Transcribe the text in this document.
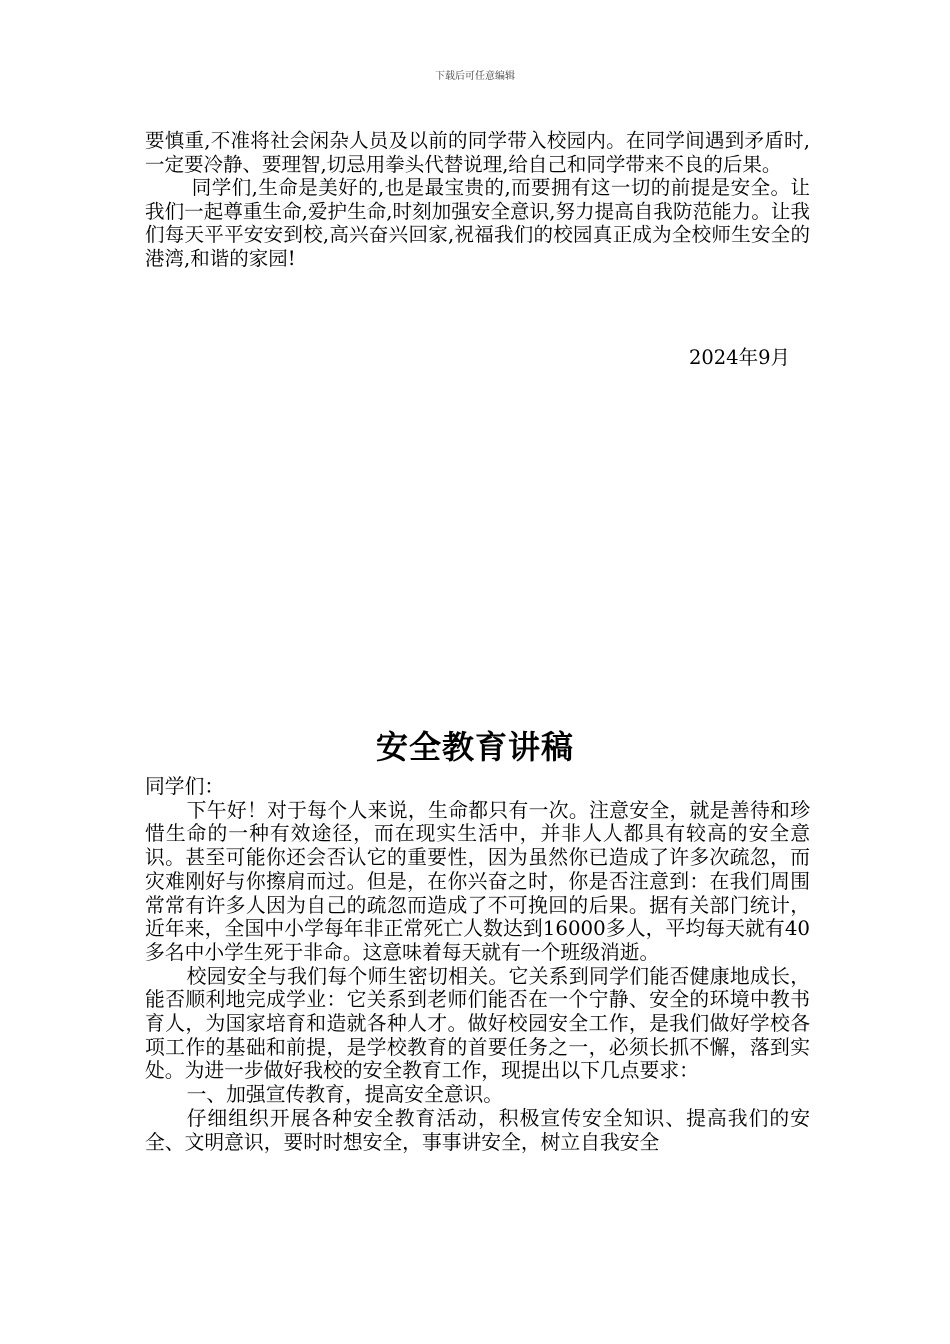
下载后可任意编辑

要慎重,不准将社会闲杂人员及以前的同学带入校园内。在同学间遇到矛盾时,一定要冷静、要理智,切忌用拳头代替说理,给自己和同学带来不良的后果。

同学们,生命是美好的,也是最宝贵的,而要拥有这一切的前提是安全。让我们一起尊重生命,爱护生命,时刻加强安全意识,努力提高自我防范能力。让我们每天平平安安到校,高兴奋兴回家,祝福我们的校园真正成为全校师生安全的港湾,和谐的家园!

2024年9月
安全教育讲稿

同学们：

下午好！对于每个人来说，生命都只有一次。注意安全，就是善待和珍惜生命的一种有效途径，而在现实生活中，并非人人都具有较高的安全意识。甚至可能你还会否认它的重要性，因为虽然你已造成了许多次疏忽，而灾难刚好与你擦肩而过。但是，在你兴奋之时，你是否注意到：在我们周围常常有许多人因为自己的疏忽而造成了不可挽回的后果。据有关部门统计，近年来，全国中小学每年非正常死亡人数达到16000多人，平均每天就有40多名中小学生死于非命。这意味着每天就有一个班级消逝。

校园安全与我们每个师生密切相关。它关系到同学们能否健康地成长，能否顺利地完成学业：它关系到老师们能否在一个宁静、安全的环境中教书育人，为国家培育和造就各种人才。做好校园安全工作，是我们做好学校各项工作的基础和前提，是学校教育的首要任务之一，必须长抓不懈，落到实处。为进一步做好我校的安全教育工作，现提出以下几点要求：

一、加强宣传教育，提高安全意识。

仔细组织开展各种安全教育活动，积极宣传安全知识、提高我们的安全、文明意识，要时时想安全，事事讲安全，树立自我安全
